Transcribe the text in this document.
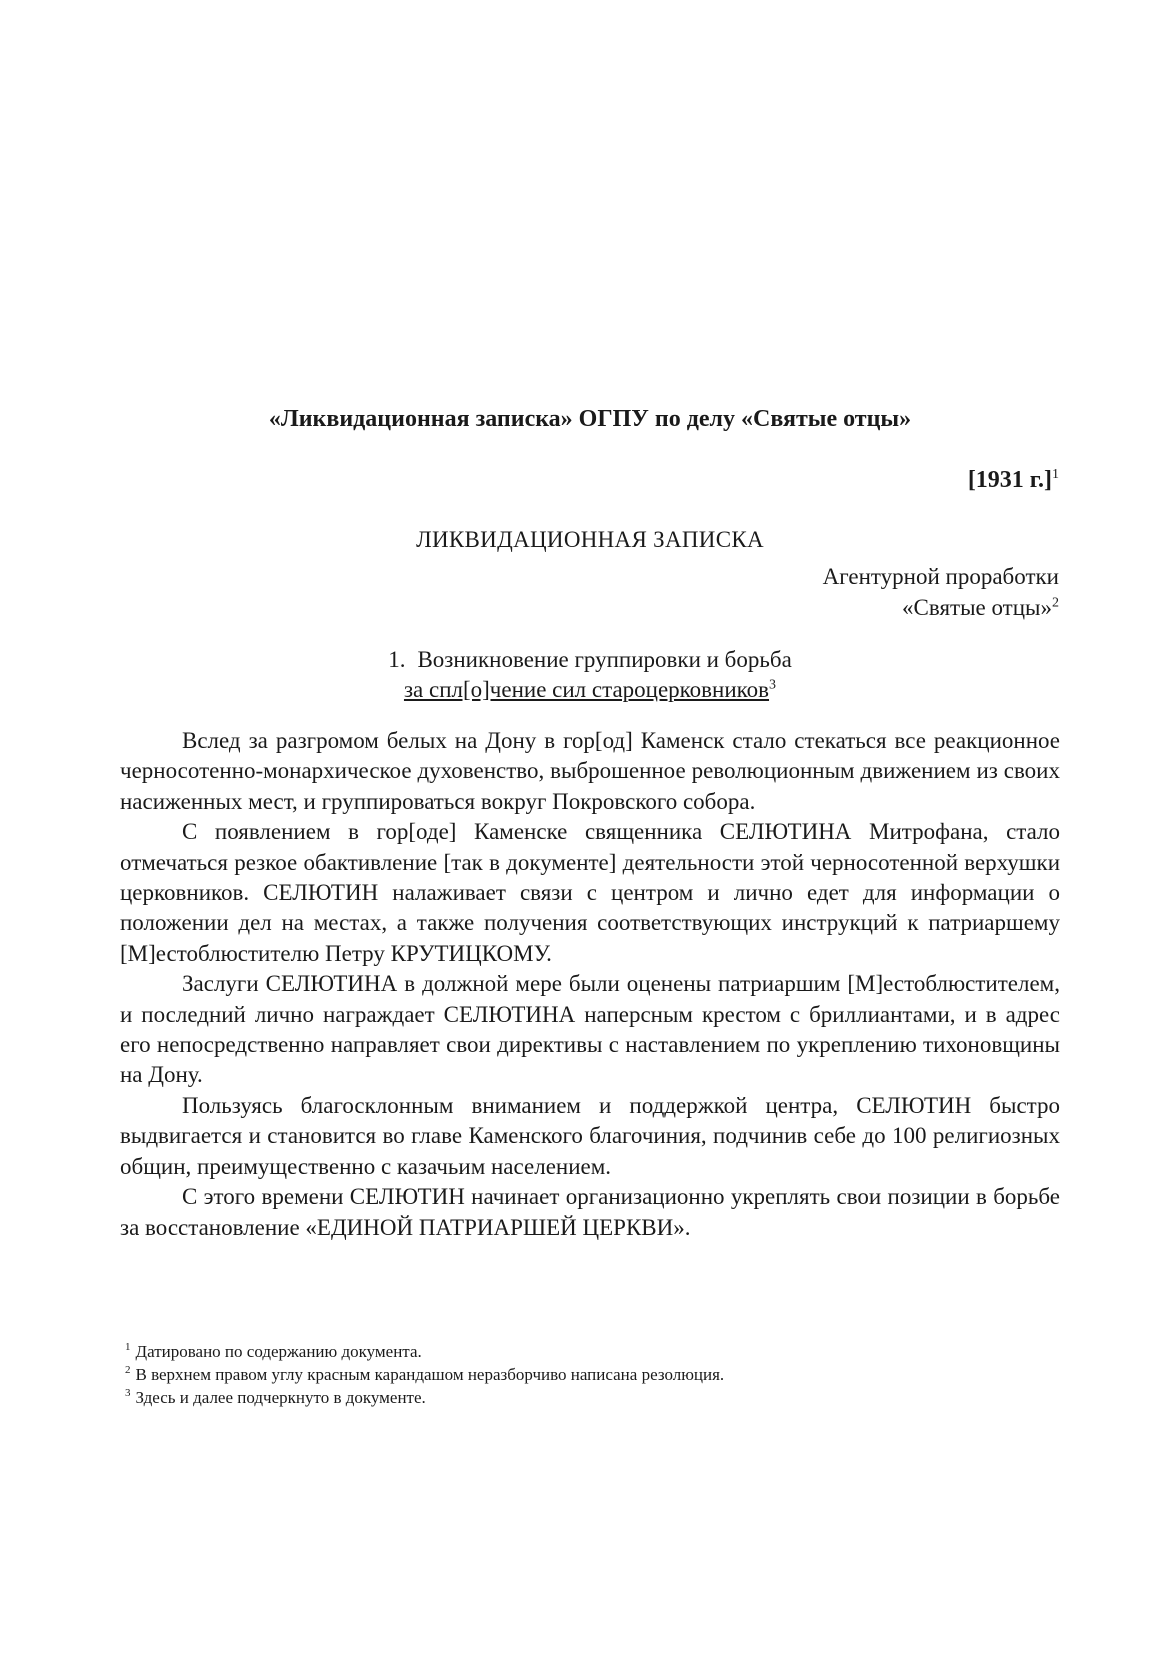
«Ликвидационная записка» ОГПУ по делу «Святые отцы»
[1931 г.]$^1$
ЛИКВИДАЦИОННАЯ ЗАПИСКА
Агентурной проработки
«Святые отцы»$^2$
1. Возникновение группировки и борьба
за спл[о]чение сил староцерковников$^3$

Вслед за разгромом белых на Дону в гор[од] Каменск стало стекаться все реакционное черносотенно-монархическое духовенство, выброшенное революционным движением из своих насиженных мест, и группироваться вокруг Покровского собора.

С появлением в гор[оде] Каменске священника СЕЛЮТИНА Митрофана, стало отмечаться резкое обактивление [так в документе] деятельности этой черносотенной верхушки церковников. СЕЛЮТИН налаживает связи с центром и лично едет для информации о положении дел на местах, а также получения соответствующих инструкций к патриаршему [М]естоблюстителю Петру КРУТИЦКОМУ.

Заслуги СЕЛЮТИНА в должной мере были оценены патриаршим [М]естоблюстителем, и последний лично награждает СЕЛЮТИНА наперсным крестом с бриллиантами, и в адрес его непосредственно направляет свои директивы с наставлением по укреплению тихоновщины на Дону.

Пользуясь благосклонным вниманием и поддержкой центра, СЕЛЮТИН быстро выдвигается и становится во главе Каменского благочиния, подчинив себе до 100 религиозных общин, преимущественно с казачьим населением.

С этого времени СЕЛЮТИН начинает организационно укреплять свои позиции в борьбе за восстановление «ЕДИНОЙ ПАТРИАРШЕЙ ЦЕРКВИ».

$^1$ Датировано по содержанию документа.
$^2$ В верхнем правом углу красным карандашом неразборчиво написана резолюция.
$^3$ Здесь и далее подчеркнуто в документе.
